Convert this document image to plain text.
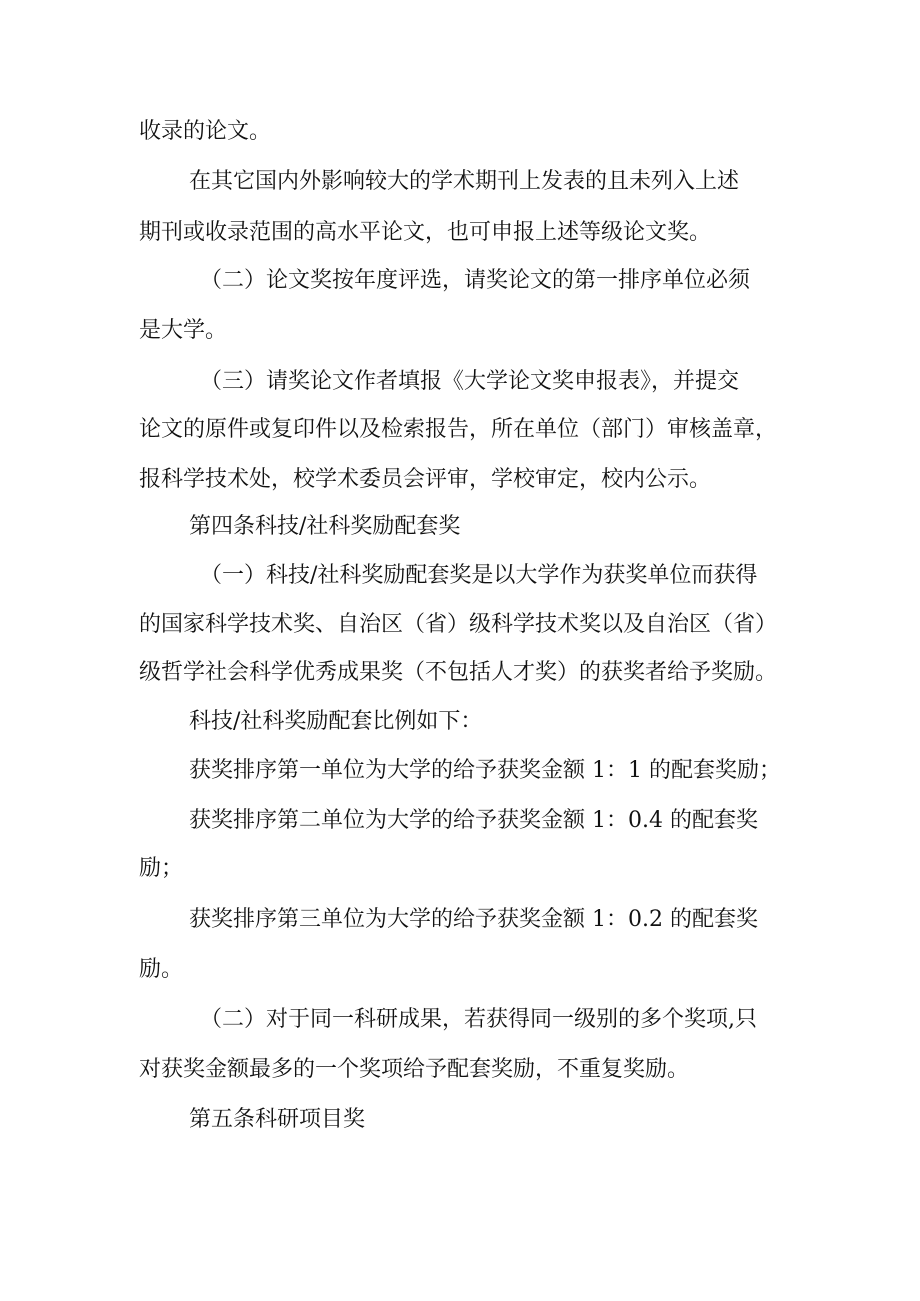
收录的论文。

在其它国内外影响较大的学术期刊上发表的且未列入上述

期刊或收录范围的高水平论文，也可申报上述等级论文奖。

（二）论文奖按年度评选，请奖论文的第一排序单位必须

是大学。

（三）请奖论文作者填报《大学论文奖申报表》，并提交

论文的原件或复印件以及检索报告，所在单位（部门）审核盖章，

报科学技术处，校学术委员会评审，学校审定，校内公示。

第四条科技/社科奖励配套奖

（一）科技/社科奖励配套奖是以大学作为获奖单位而获得

的国家科学技术奖、自治区（省）级科学技术奖以及自治区（省）

级哲学社会科学优秀成果奖（不包括人才奖）的获奖者给予奖励。

科技/社科奖励配套比例如下：

获奖排序第一单位为大学的给予获奖金额 1：1 的配套奖励；

获奖排序第二单位为大学的给予获奖金额 1：0.4 的配套奖

励；

获奖排序第三单位为大学的给予获奖金额 1：0.2 的配套奖

励。

（二）对于同一科研成果，若获得同一级别的多个奖项,只

对获奖金额最多的一个奖项给予配套奖励，不重复奖励。

第五条科研项目奖
